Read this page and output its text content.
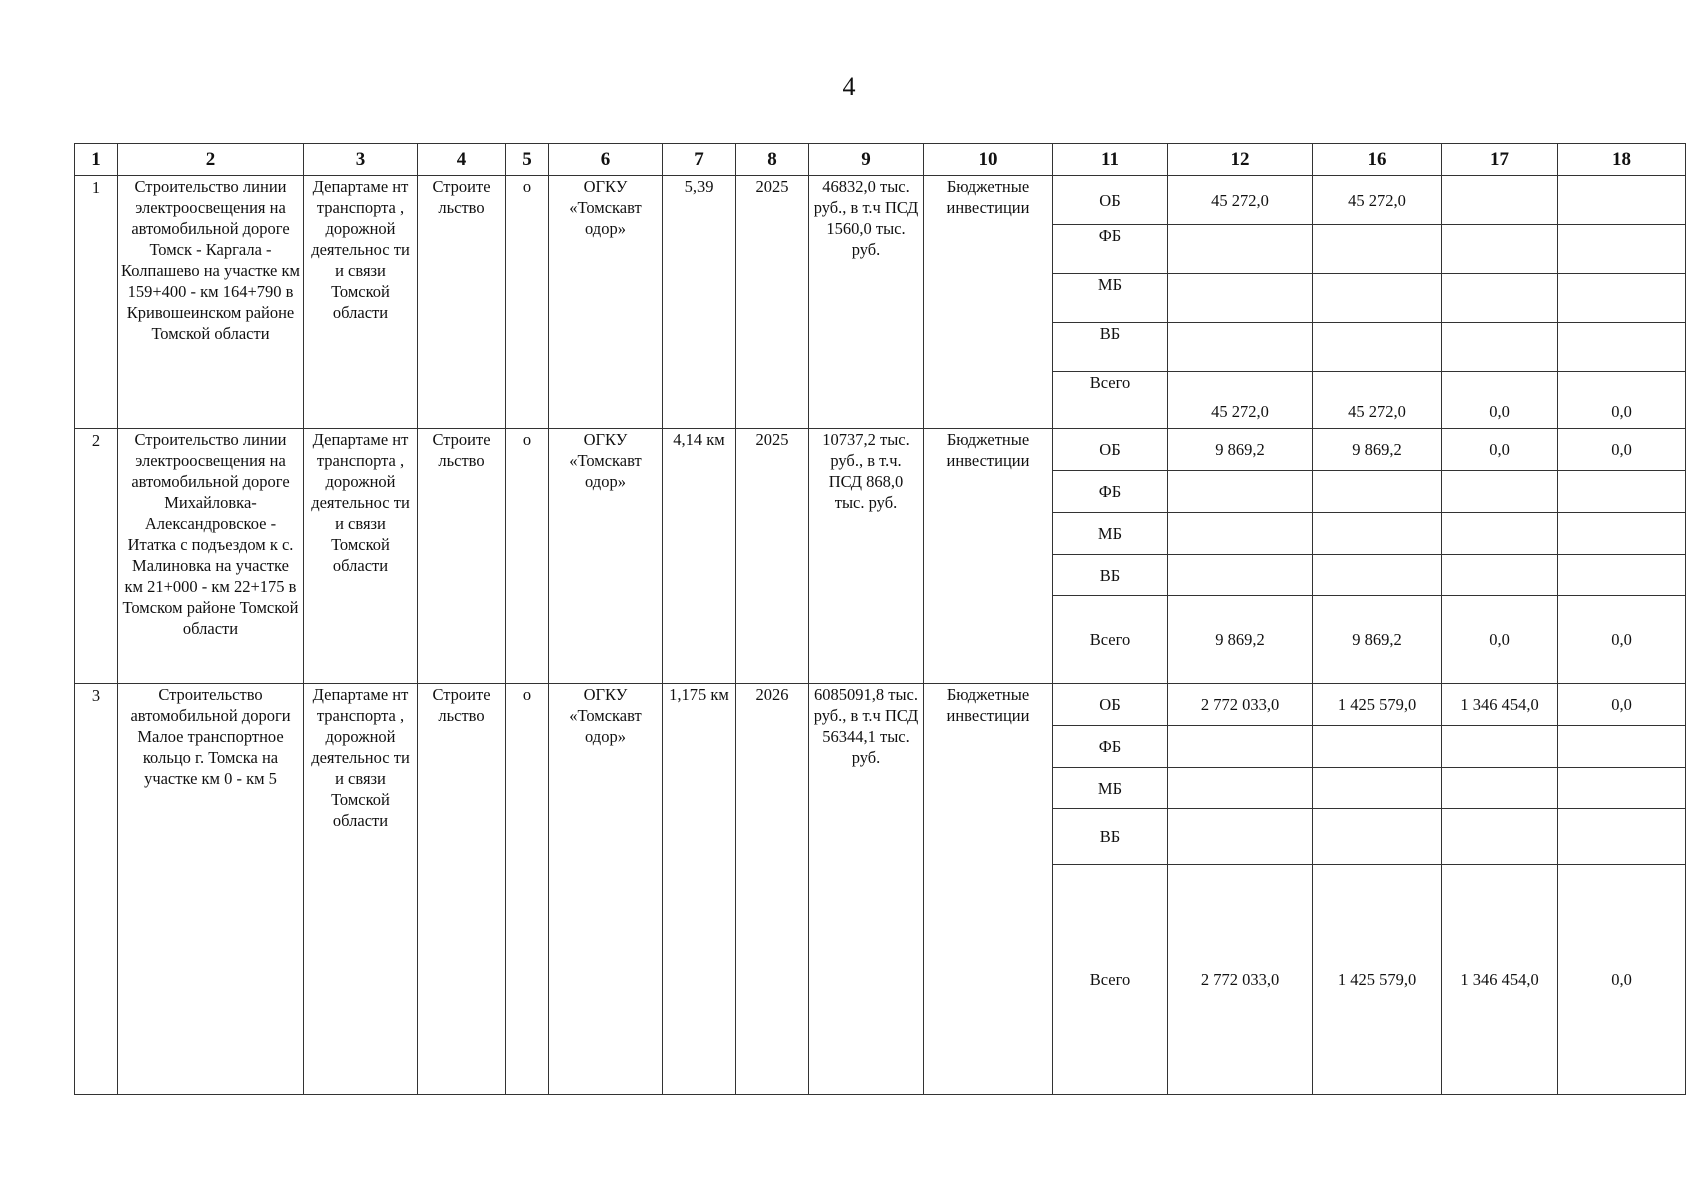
4
1	2	3	4	5	6	7	8	9	10	11	12	16	17	18
1	Строительство линии электроосвещения на автомобильной дороге Томск - Каргала - Колпашево на участке км 159+400 - км 164+790 в Кривошеинском районе Томской области	Департаме нт транспорта , дорожной деятельнос ти и связи Томской области	Строите льство	о	ОГКУ «Томскавт одор»	5,39	2025	46832,0 тыс. руб., в т.ч ПСД 1560,0 тыс. руб.	Бюджетные инвестиции	ОБ	45 272,0	45 272,0		
										ФБ				
										МБ				
										ВБ				
										Всего	45 272,0	45 272,0	0,0	0,0
2	Строительство линии электроосвещения на автомобильной дороге Михайловка-Александровское - Итатка с подъездом к с. Малиновка на участке км 21+000 - км 22+175 в Томском районе Томской области	Департаме нт транспорта , дорожной деятельнос ти и связи Томской области	Строите льство	о	ОГКУ «Томскавт одор»	4,14 км	2025	10737,2 тыс. руб., в т.ч. ПСД 868,0 тыс. руб.	Бюджетные инвестиции	ОБ	9 869,2	9 869,2	0,0	0,0
										ФБ				
										МБ				
										ВБ				
										Всего	9 869,2	9 869,2	0,0	0,0
3	Строительство автомобильной дороги Малое транспортное кольцо г. Томска на участке км 0 - км 5	Департаме нт транспорта , дорожной деятельнос ти и связи Томской области	Строите льство	о	ОГКУ «Томскавт одор»	1,175 км	2026	6085091,8 тыс. руб., в т.ч ПСД 56344,1 тыс. руб.	Бюджетные инвестиции	ОБ	2 772 033,0	1 425 579,0	1 346 454,0	0,0
										ФБ				
										МБ				
										ВБ				
										Всего	2 772 033,0	1 425 579,0	1 346 454,0	0,0
